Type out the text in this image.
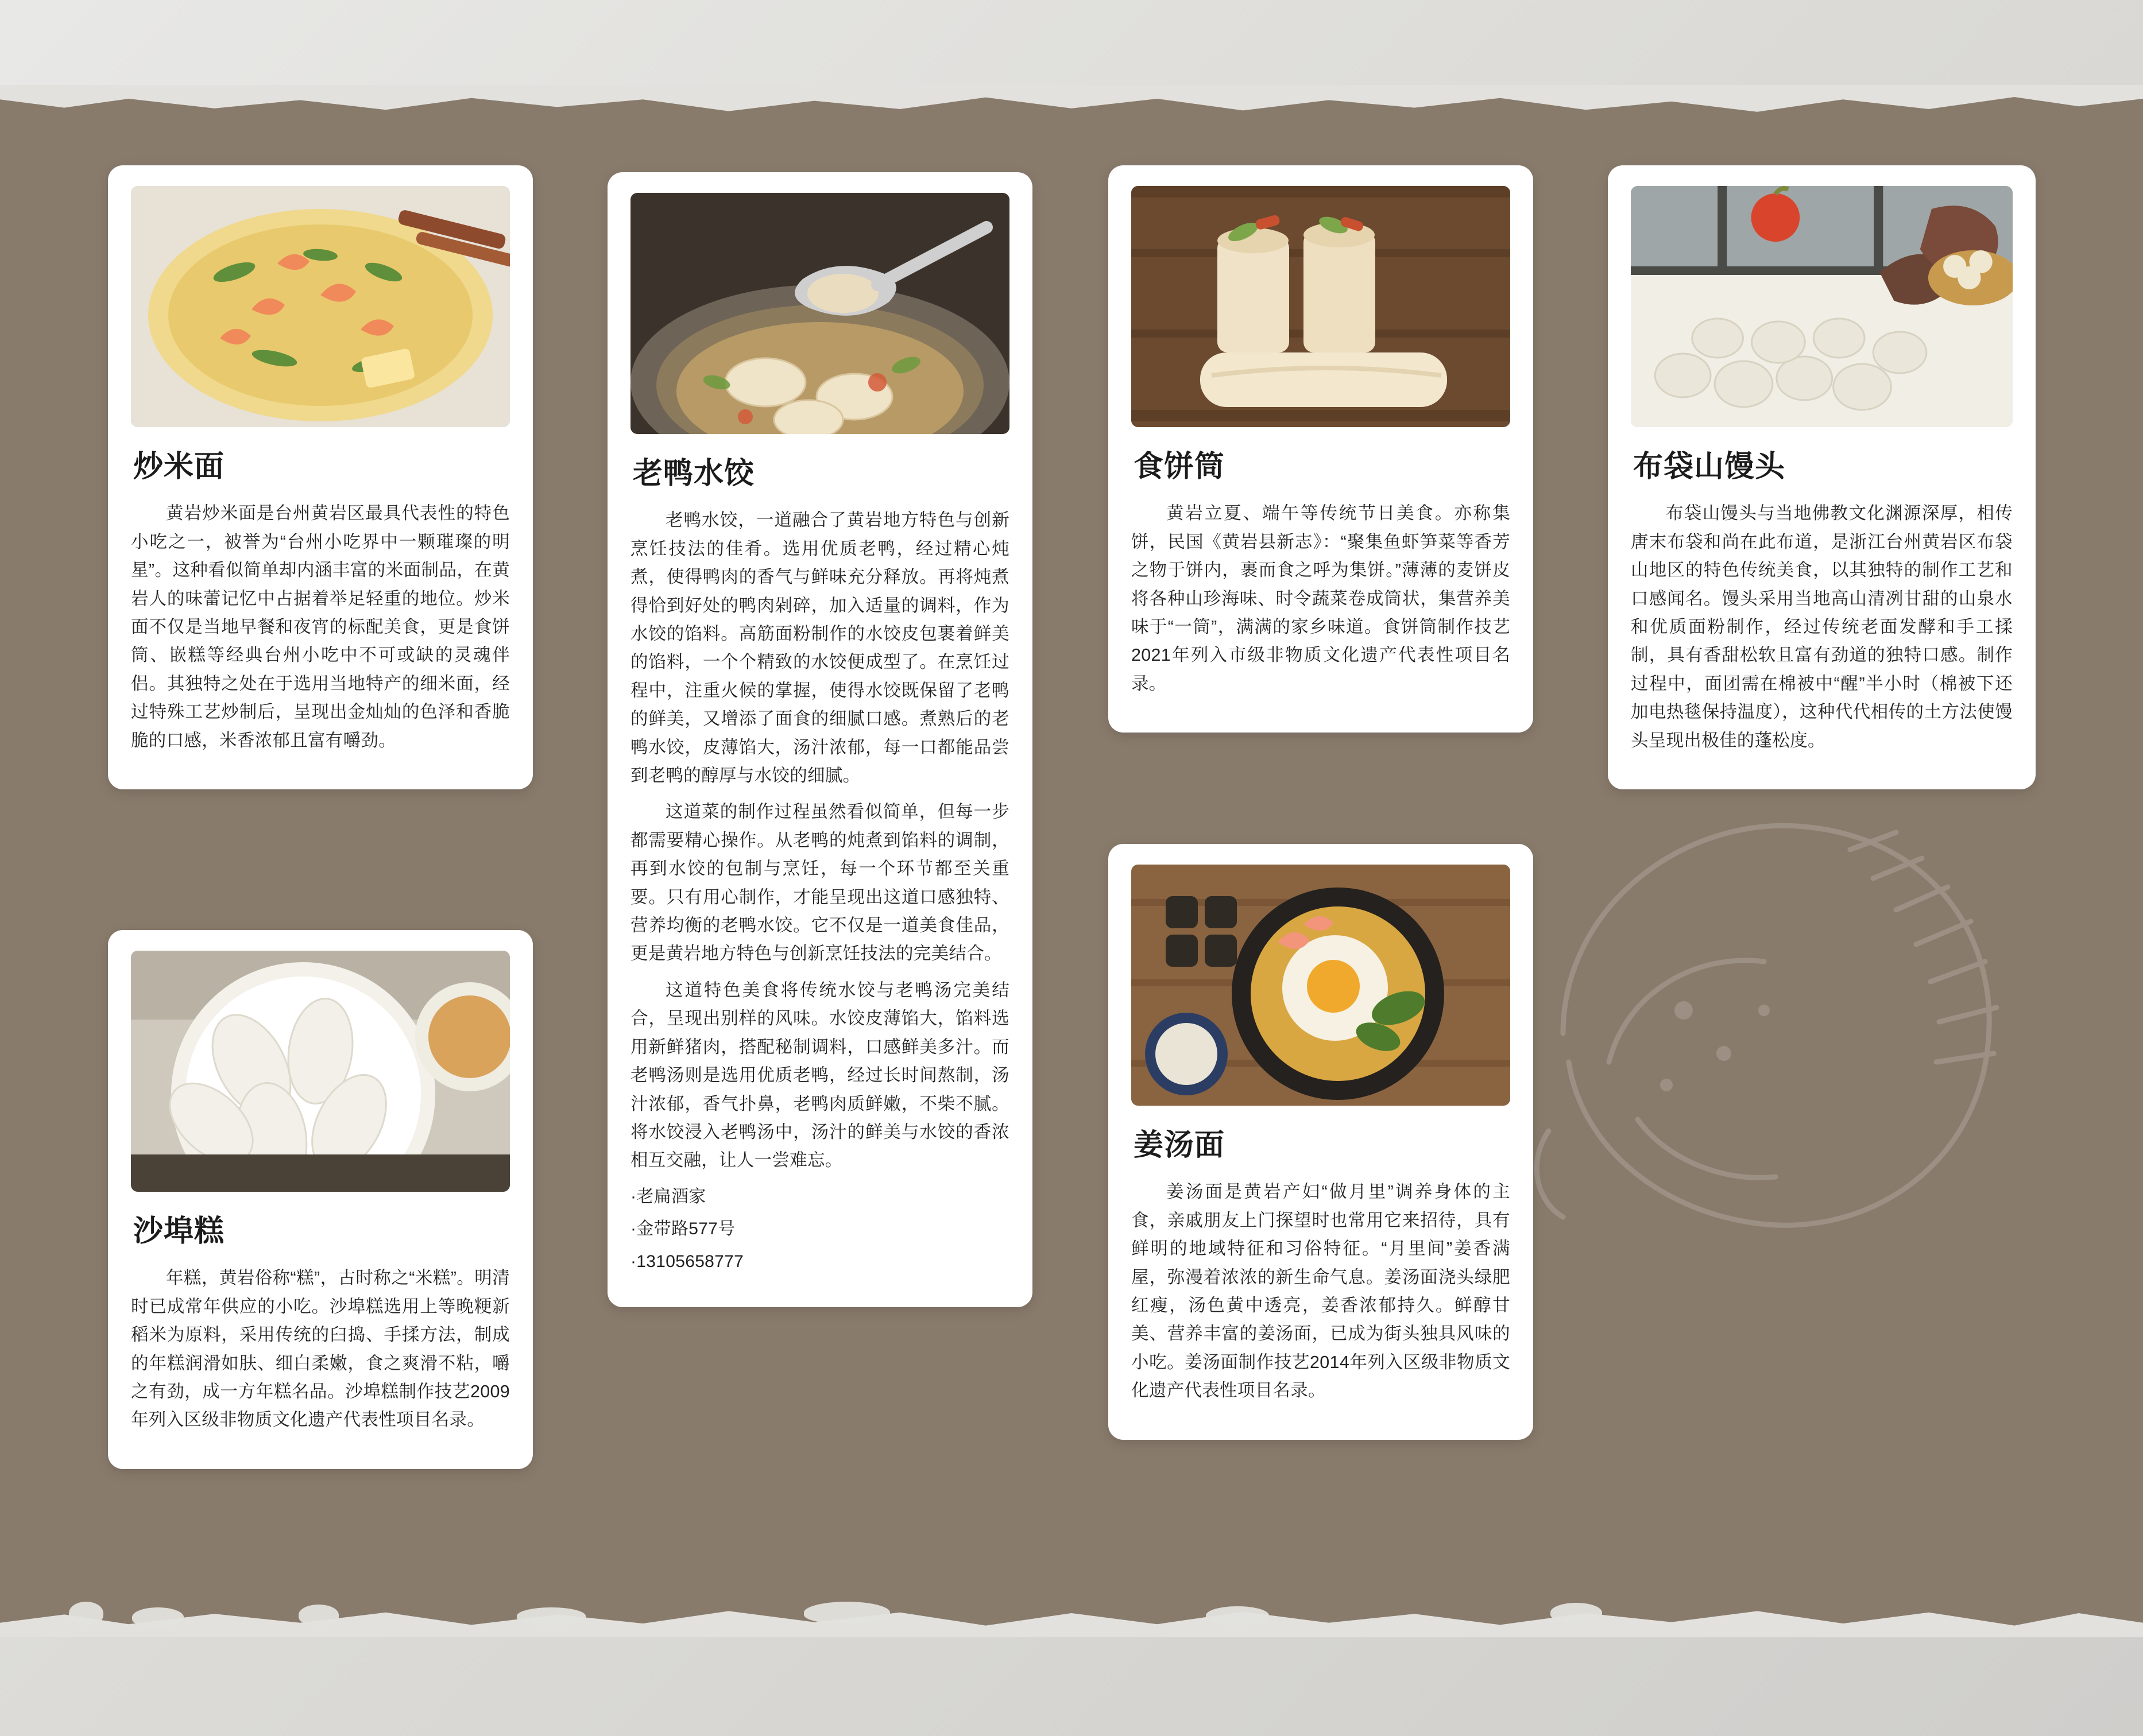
炒米面

黄岩炒米面是台州黄岩区最具代表性的特色小吃之一，被誉为“台州小吃界中一颗璀璨的明星”。这种看似简单却内涵丰富的米面制品，在黄岩人的味蕾记忆中占据着举足轻重的地位。炒米面不仅是当地早餐和夜宵的标配美食，更是食饼筒、嵌糕等经典台州小吃中不可或缺的灵魂伴侣。其独特之处在于选用当地特产的细米面，经过特殊工艺炒制后，呈现出金灿灿的色泽和香脆脆的口感，米香浓郁且富有嚼劲。

沙埠糕

年糕，黄岩俗称“糕”，古时称之“米糕”。明清时已成常年供应的小吃。沙埠糕选用上等晚粳新稻米为原料，采用传统的臼捣、手揉方法，制成的年糕润滑如肤、细白柔嫩，食之爽滑不粘，嚼之有劲，成一方年糕名品。沙埠糕制作技艺2009年列入区级非物质文化遗产代表性项目名录。

老鸭水饺

老鸭水饺，一道融合了黄岩地方特色与创新烹饪技法的佳肴。选用优质老鸭，经过精心炖煮，使得鸭肉的香气与鲜味充分释放。再将炖煮得恰到好处的鸭肉剁碎，加入适量的调料，作为水饺的馅料。高筋面粉制作的水饺皮包裹着鲜美的馅料，一个个精致的水饺便成型了。在烹饪过程中，注重火候的掌握，使得水饺既保留了老鸭的鲜美，又增添了面食的细腻口感。煮熟后的老鸭水饺，皮薄馅大，汤汁浓郁，每一口都能品尝到老鸭的醇厚与水饺的细腻。

这道菜的制作过程虽然看似简单，但每一步都需要精心操作。从老鸭的炖煮到馅料的调制，再到水饺的包制与烹饪，每一个环节都至关重要。只有用心制作，才能呈现出这道口感独特、营养均衡的老鸭水饺。它不仅是一道美食佳品，更是黄岩地方特色与创新烹饪技法的完美结合。

这道特色美食将传统水饺与老鸭汤完美结合，呈现出别样的风味。水饺皮薄馅大，馅料选用新鲜猪肉，搭配秘制调料，口感鲜美多汁。而老鸭汤则是选用优质老鸭，经过长时间熬制，汤汁浓郁，香气扑鼻，老鸭肉质鲜嫩，不柴不腻。将水饺浸入老鸭汤中，汤汁的鲜美与水饺的香浓相互交融，让人一尝难忘。

·老扁酒家

·金带路577号

·13105658777

食饼筒

黄岩立夏、端午等传统节日美食。亦称集饼，民国《黄岩县新志》：“聚集鱼虾笋菜等香芳之物于饼内，裹而食之呼为集饼。”薄薄的麦饼皮将各种山珍海味、时令蔬菜卷成筒状，集营养美味于“一筒”，满满的家乡味道。食饼筒制作技艺2021年列入市级非物质文化遗产代表性项目名录。

姜汤面

姜汤面是黄岩产妇“做月里”调养身体的主食，亲戚朋友上门探望时也常用它来招待，具有鲜明的地域特征和习俗特征。“月里间”姜香满屋，弥漫着浓浓的新生命气息。姜汤面浇头绿肥红瘦，汤色黄中透亮，姜香浓郁持久。鲜醇甘美、营养丰富的姜汤面，已成为街头独具风味的小吃。姜汤面制作技艺2014年列入区级非物质文化遗产代表性项目名录。

布袋山馒头

布袋山馒头与当地佛教文化渊源深厚，相传唐末布袋和尚在此布道，是浙江台州黄岩区布袋山地区的特色传统美食，以其独特的制作工艺和口感闻名。馒头采用当地高山清冽甘甜的山泉水和优质面粉制作，经过传统老面发酵和手工揉制，具有香甜松软且富有劲道的独特口感。制作过程中，面团需在棉被中“醒”半小时（棉被下还加电热毯保持温度），这种代代相传的土方法使馒头呈现出极佳的蓬松度。
